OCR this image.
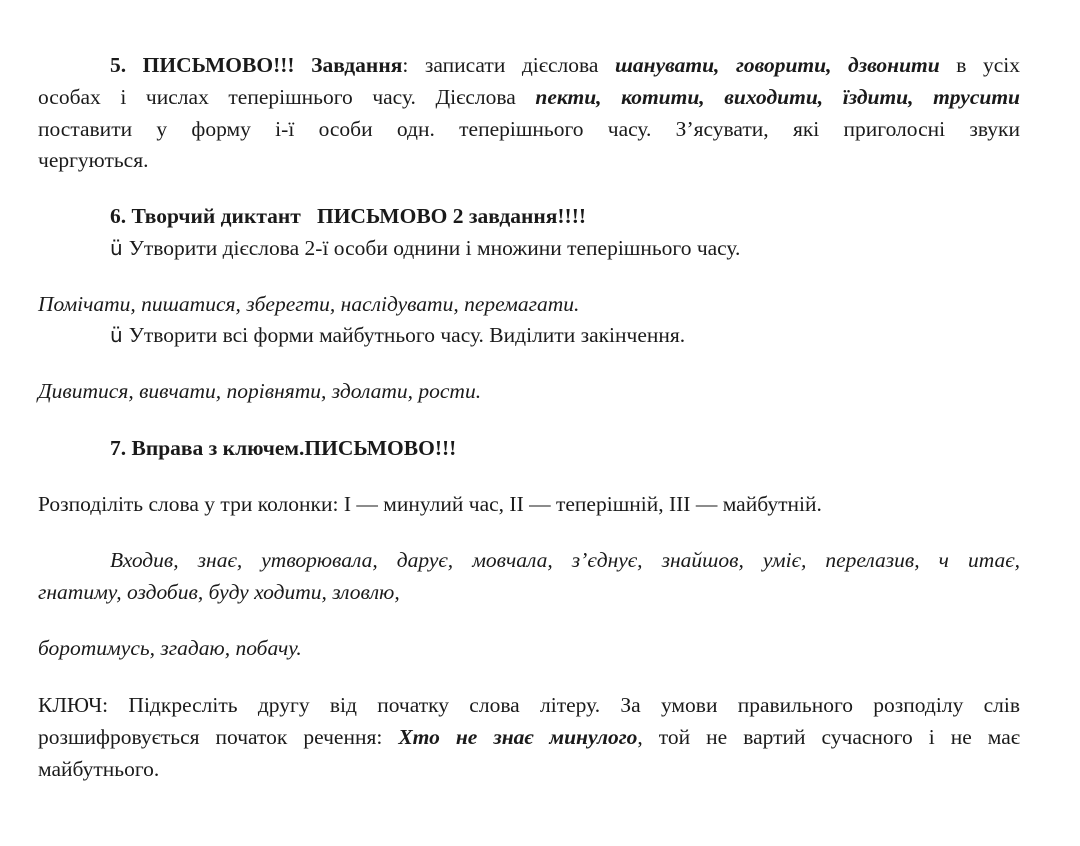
5. ПИСЬМОВО!!! Завдання: записати дієслова шанувати, говорити, дзвонити в усіх
особах і числах теперішнього часу. Дієслова пекти, котити, виходити, їздити, трусити
поставити у форму і-ї особи одн. теперішнього часу. З’ясувати, які приголосні звуки
чергуються.
6. Творчий диктант   ПИСЬМОВО 2 завдання!!!!
ü Утворити дієслова 2-ї особи однини і множини теперішнього часу.
Помічати, пишатися, зберегти, наслідувати, перемагати.
ü Утворити всі форми майбутнього часу. Виділити закінчення.
Дивитися, вивчати, порівняти, здолати, рости.
7. Вправа з ключем.ПИСЬМОВО!!!
Розподіліть слова у три колонки: І — минулий час, ІІ — теперішній, ІІІ — майбутній.
Входив, знає, утворювала, дарує, мовчала, з’єднує, знайшов, уміє, перелазив, ч итає,
гнатиму, оздобив, буду ходити, зловлю,
боротимусь, згадаю, побачу.
КЛЮЧ: Підкресліть другу від початку слова літеру. За умови правильного розподілу слів
розшифровується початок речення: Хто не знає минулого, той не вартий сучасного і не має
майбутнього.
